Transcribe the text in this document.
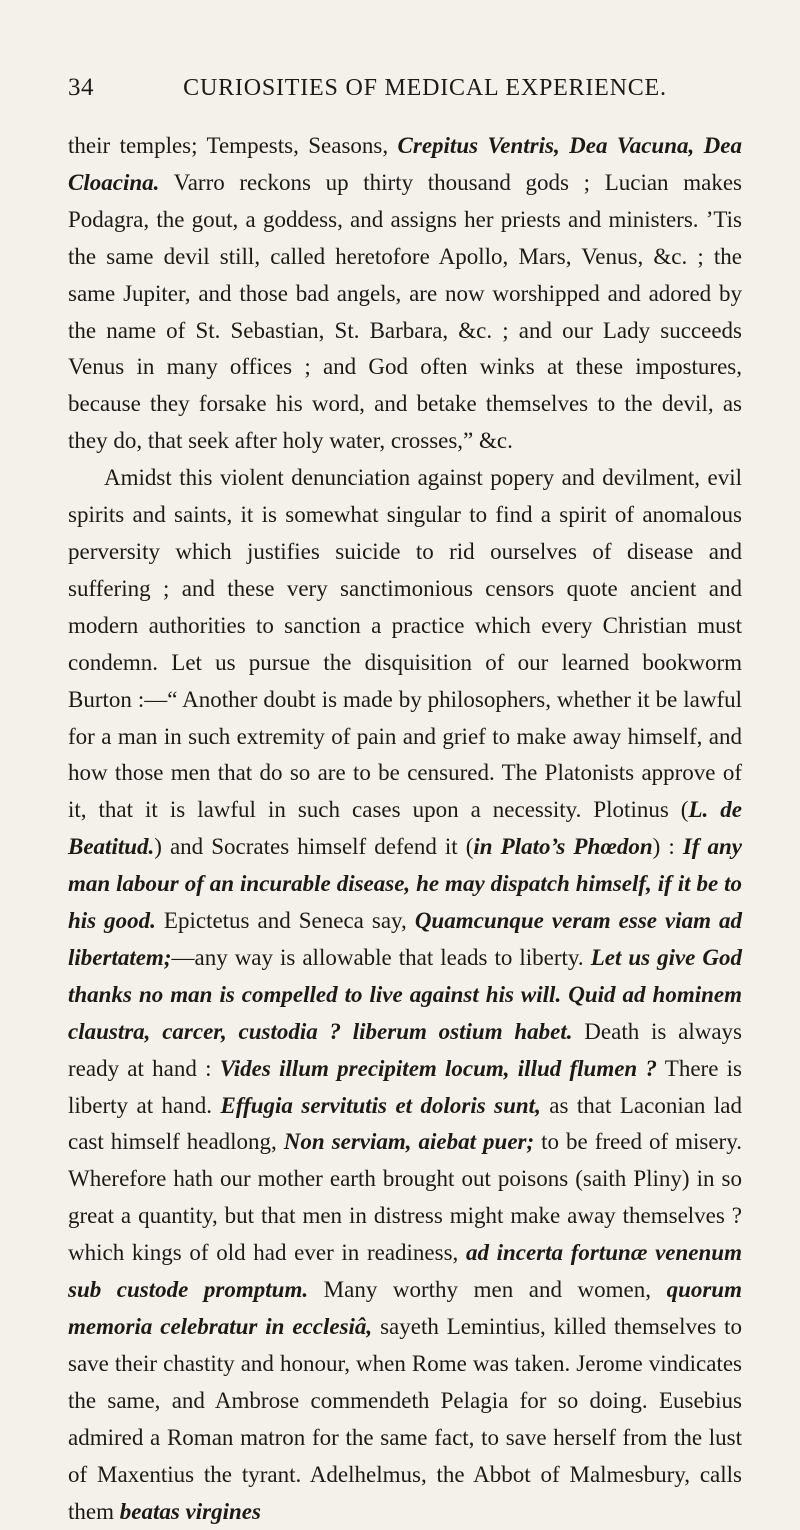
34	CURIOSITIES OF MEDICAL EXPERIENCE.

their temples; Tempests, Seasons, Crepitus Ventris, Dea Vacuna, Dea Cloacina. Varro reckons up thirty thousand gods ; Lucian makes Podagra, the gout, a goddess, and assigns her priests and ministers. ’Tis the same devil still, called heretofore Apollo, Mars, Venus, &c. ; the same Jupiter, and those bad angels, are now worshipped and adored by the name of St. Sebastian, St. Barbara, &c. ; and our Lady succeeds Venus in many offices ; and God often winks at these impostures, because they forsake his word, and betake themselves to the devil, as they do, that seek after holy water, crosses,” &c.

Amidst this violent denunciation against popery and devilment, evil spirits and saints, it is somewhat singular to find a spirit of anomalous perversity which justifies suicide to rid ourselves of disease and suffering ; and these very sanctimonious censors quote ancient and modern authorities to sanction a practice which every Christian must condemn. Let us pursue the disquisition of our learned bookworm Burton :—“ Another doubt is made by philosophers, whether it be lawful for a man in such extremity of pain and grief to make away himself, and how those men that do so are to be censured. The Platonists approve of it, that it is lawful in such cases upon a necessity. Plotinus (L. de Beatitud.) and Socrates himself defend it (in Plato’s Phœdon) : If any man labour of an incurable disease, he may dispatch himself, if it be to his good. Epictetus and Seneca say, Quamcunque veram esse viam ad libertatem;—any way is allowable that leads to liberty. Let us give God thanks no man is compelled to live against his will. Quid ad hominem claustra, carcer, custodia ? liberum ostium habet. Death is always ready at hand : Vides illum precipitem locum, illud flumen ? There is liberty at hand. Effugia servitutis et doloris sunt, as that Laconian lad cast himself headlong, Non serviam, aiebat puer; to be freed of misery. Wherefore hath our mother earth brought out poisons (saith Pliny) in so great a quantity, but that men in distress might make away themselves ? which kings of old had ever in readiness, ad incerta fortunæ venenum sub custode promptum. Many worthy men and women, quorum memoria celebratur in ecclesiâ, sayeth Lemintius, killed themselves to save their chastity and honour, when Rome was taken. Jerome vindicates the same, and Ambrose commendeth Pelagia for so doing. Eusebius admired a Roman matron for the same fact, to save herself from the lust of Maxentius the tyrant. Adelhelmus, the Abbot of Malmesbury, calls them beatas virgines
